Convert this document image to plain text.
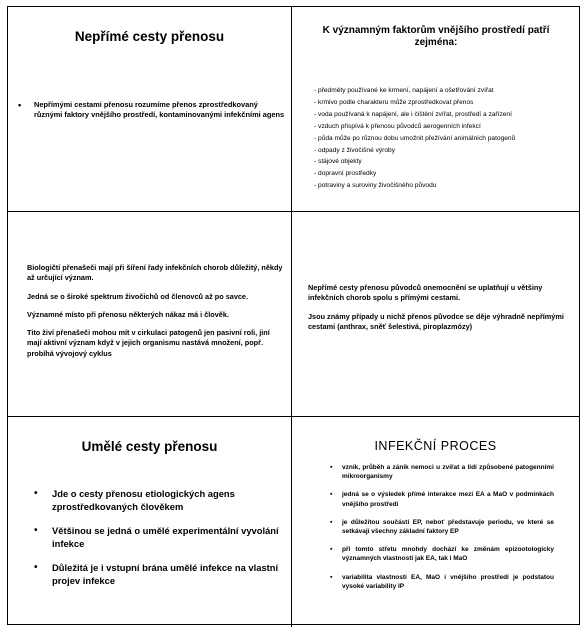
Nepřímé cesty přenosu
• Nepřímými cestami přenosu rozumíme přenos zprostředkovaný různými faktory vnějšího prostředí, kontaminovanými infekčními agens
K významným faktorům vnějšího prostředí patří zejména:
- předměty používané ke krmení, napájení a ošetřování zvířat
- krmivo podle charakteru může zprostředkovat přenos
- voda používaná k napájení, ale i čištění zvířat, prostředí a zařízení
- vzduch přispívá k přenosu původců aerogenních infekcí
- půda může po různou dobu umožnit přežívání animálních patogenů
- odpady z živočišné výroby
- stájové objekty
- dopravní prostředky
- potraviny a suroviny živočišného původu

Biologičtí přenašeči mají při šíření řady infekčních chorob důležitý, někdy až určující význam.

Jedná se o široké spektrum živočichů od členovců až po savce.

Významné místo při přenosu některých nákaz má i člověk.

Tito živí přenašeči mohou mít v cirkulaci patogenů jen pasivní roli, jiní mají aktivní význam když v jejich organismu nastává množení, popř. probíhá vývojový cyklus

Nepřímé cesty přenosu původců onemocnění se uplatňují u většiny infekčních chorob spolu s přímými cestami.

Jsou známy případy u nichž přenos původce se děje výhradně nepřímými cestami (anthrax, sněť šelestivá, piroplazmózy)

Umělé cesty přenosu
• Jde o cesty přenosu etiologických agens zprostředkovaných člověkem
• Většinou se jedná o umělé experimentální vyvolání infekce
• Důležitá je i vstupní brána umělé infekce na vlastní projev infekce
INFEKČNÍ PROCES
▪ vznik, průběh a zánik nemoci u zvířat a lidí způsobené patogenními mikroorganismy
▪ jedná se o výsledek přímé interakce mezi EA a MaO v podmínkách vnějšího prostředí
▪ je důležitou součástí EP, neboť představuje periodu, ve které se setkávají všechny základní faktory EP
▪ při tomto střetu mnohdy dochází ke změnám epizootologicky významných vlastností jak EA, tak i MaO
▪ variabilita vlastností EA, MaO i vnějšího prostředí je podstatou vysoké variability IP
